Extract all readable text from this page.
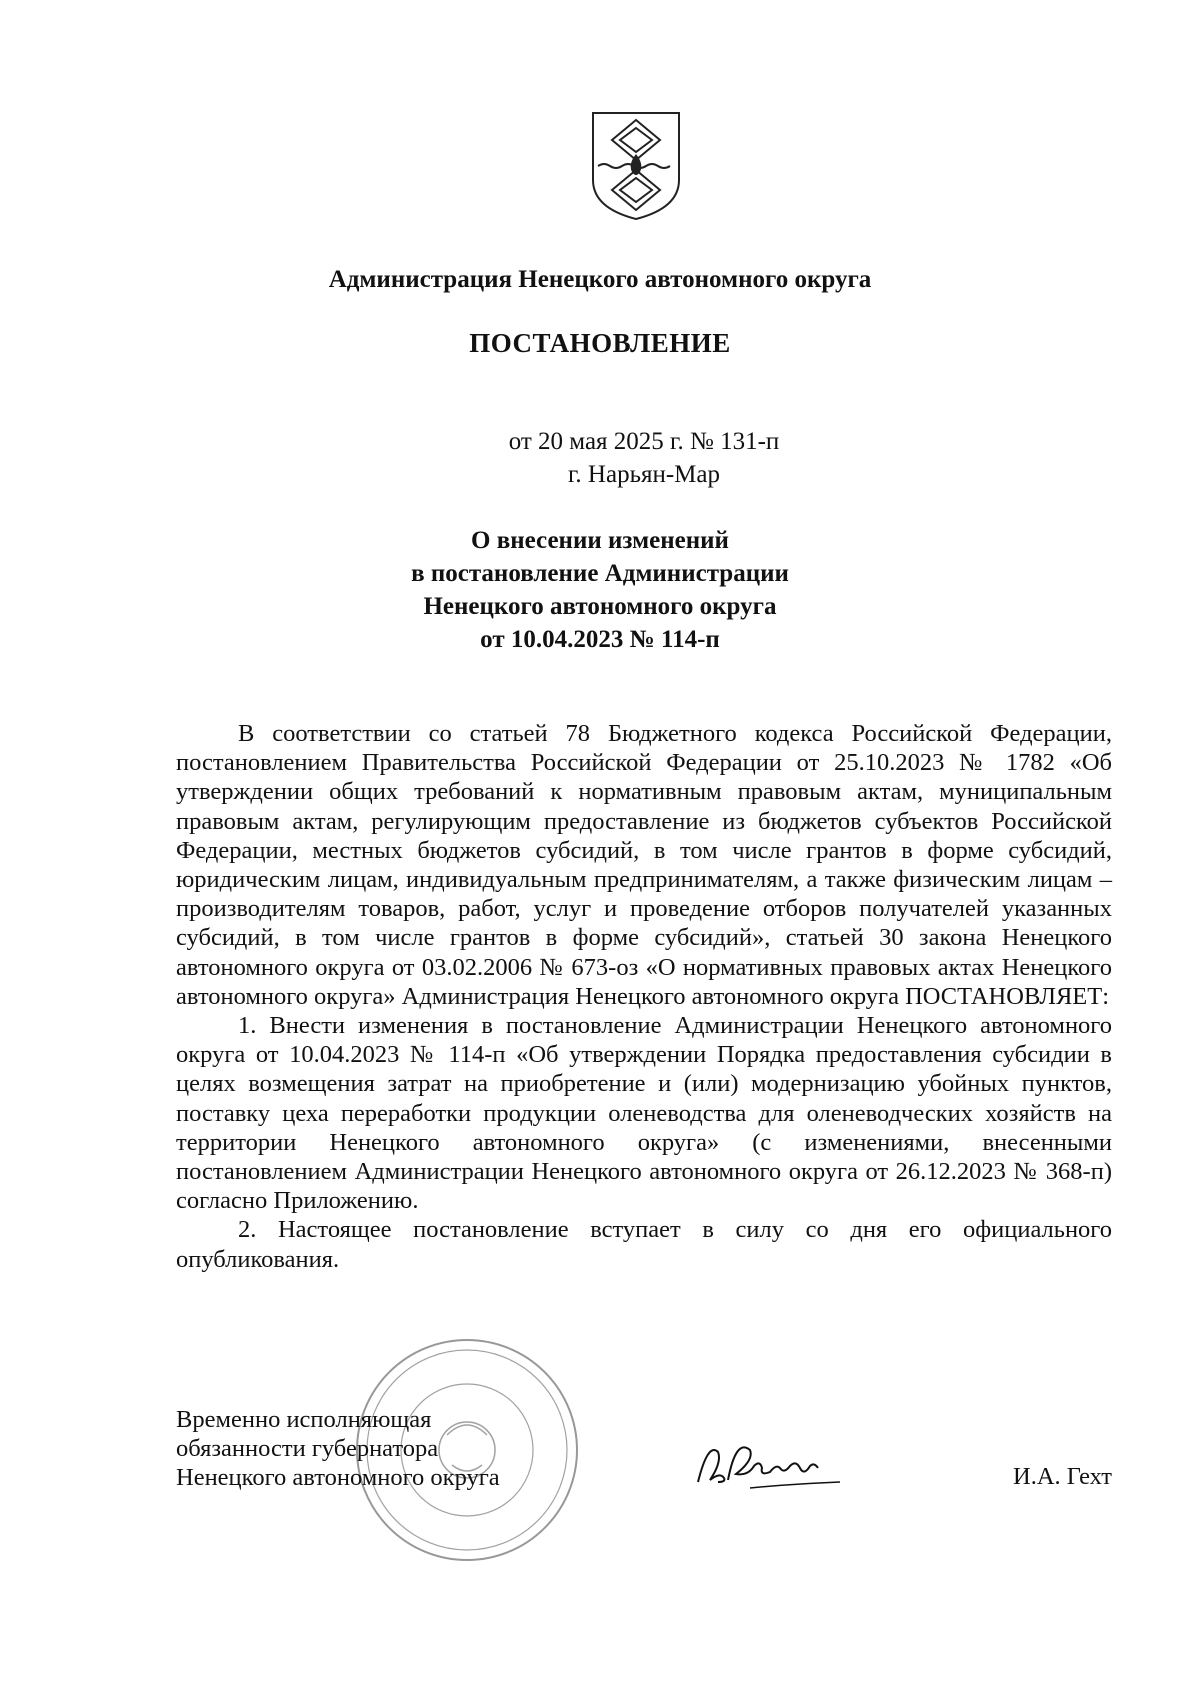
Администрация Ненецкого автономного округа
ПОСТАНОВЛЕНИЕ
от 20 мая 2025 г. № 131-п
г. Нарьян-Мар
О внесении изменений
в постановление Администрации
Ненецкого автономного округа
от 10.04.2023 № 114-п

В соответствии со статьей 78 Бюджетного кодекса Российской Федерации, постановлением Правительства Российской Федерации от 25.10.2023 № 1782 «Об утверждении общих требований к нормативным правовым актам, муниципальным правовым актам, регулирующим предоставление из бюджетов субъектов Российской Федерации, местных бюджетов субсидий, в том числе грантов в форме субсидий, юридическим лицам, индивидуальным предпринимателям, а также физическим лицам – производителям товаров, работ, услуг и проведение отборов получателей указанных субсидий, в том числе грантов в форме субсидий», статьей 30 закона Ненецкого автономного округа от 03.02.2006 № 673-оз «О нормативных правовых актах Ненецкого автономного округа» Администрация Ненецкого автономного округа ПОСТАНОВЛЯЕТ:

1. Внести изменения в постановление Администрации Ненецкого автономного округа от 10.04.2023 № 114-п «Об утверждении Порядка предоставления субсидии в целях возмещения затрат на приобретение и (или) модернизацию убойных пунктов, поставку цеха переработки продукции оленеводства для оленеводческих хозяйств на территории Ненецкого автономного округа» (с изменениями, внесенными постановлением Администрации Ненецкого автономного округа от 26.12.2023 № 368-п) согласно Приложению.

2. Настоящее постановление вступает в силу со дня его официального опубликования.

Временно исполняющая
обязанности губернатора
Ненецкого автономного округа	И.А. Гехт
